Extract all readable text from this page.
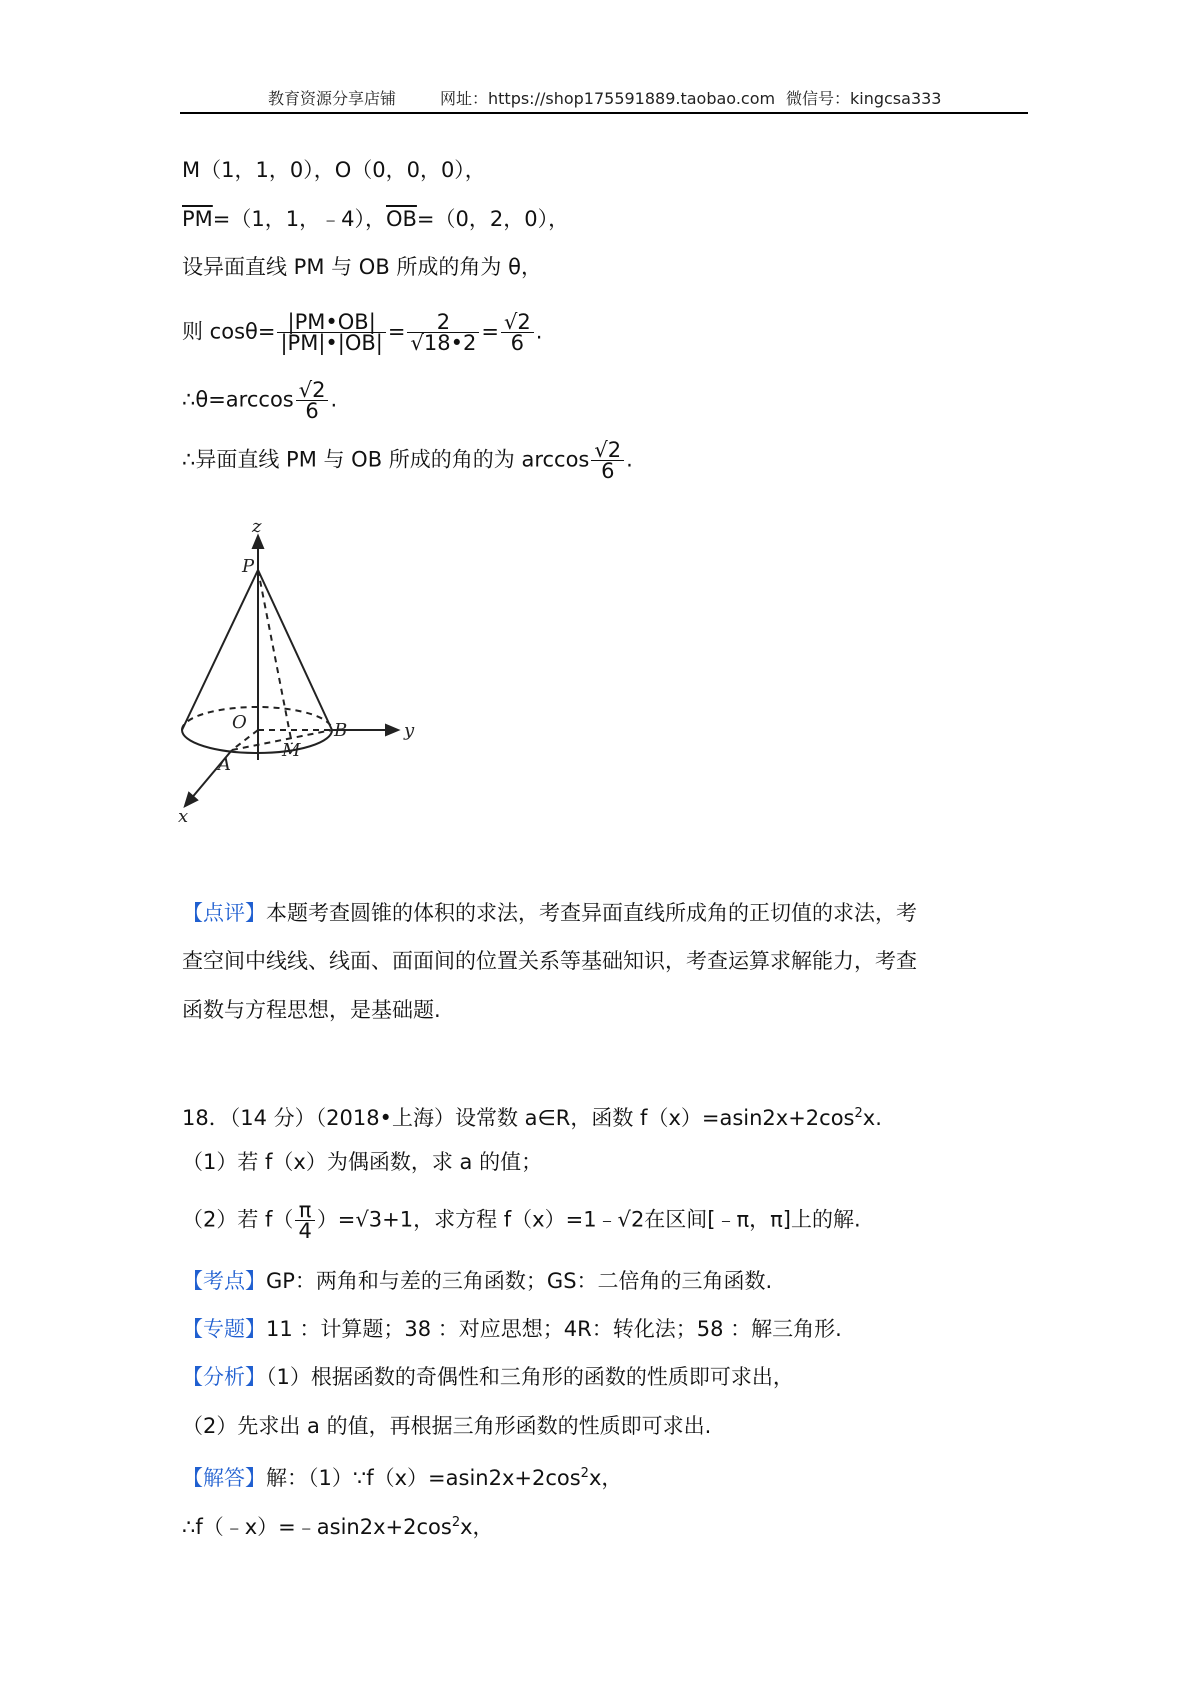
教育资源分享店铺	网址：https://shop175591889.taobao.com 微信号：kingcsa333
M（1，1，0），O（0，0，0），
$\overline{PM}=(1$，1，﹣4），$\overline{OB}=(0$，2，0），
设异面直线 PM 与 OB 所成的角为 θ，
则 $\cos\theta= \frac{|PM•OB|}{|PM|•|OB|} = \frac{2}{√18•2} = \frac{√2}{6}$ .
∴θ=arccos $\frac{√2}{6}$ .
∴异面直线 PM 与 OB 所成的角的为 $\arccos \frac{√2}{6}$ .
z
P
O	B	y
A
M
x
【点评】本题考查圆锥的体积的求法，考查异面直线所成角的正切值的求法，考
查空间中线线、线面、面面间的位置关系等基础知识，考查运算求解能力，考查
函数与方程思想，是基础题.
18．（14 分）（2018•上海）设常数 a∈R，函数 $f(x)=asin2x+2\cos^2x$.
（1）若 f（x）为偶函数，求 a 的值；
（2）若 $f( \frac{\pi}{4} )=√3+1$，求方程 f（x）=1﹣√2在区间[﹣π，π]上的解.
【考点】GP：两角和与差的三角函数；GS：二倍角的三角函数.
【专题】11 ：计算题；38 ：对应思想；4R：转化法；58 ：解三角形.
【分析】（1）根据函数的奇偶性和三角形的函数的性质即可求出，
（2）先求出 a 的值，再根据三角形函数的性质即可求出.
【解答】解：$(1)\because f(x)=asin2x+2\cos^2x$，
$\therefore f(﹣x)=﹣asin2x+2\cos^2x$，
